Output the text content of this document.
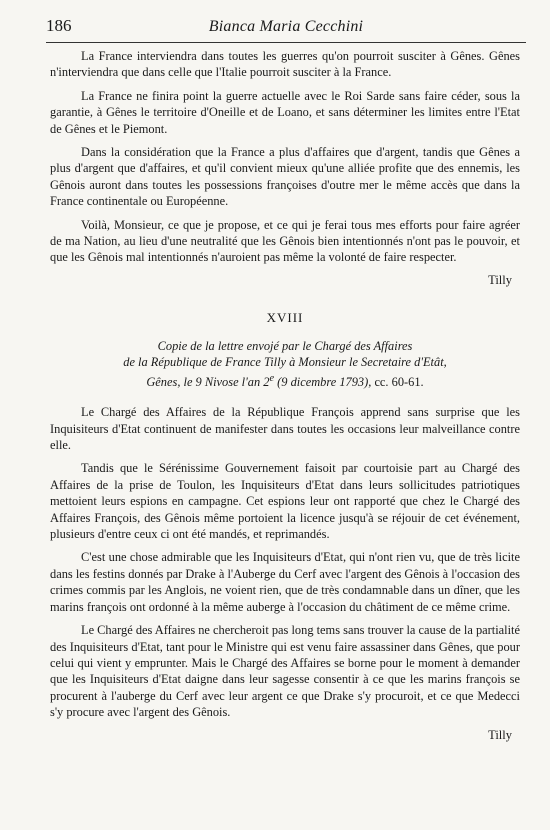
186	Bianca Maria Cecchini

La France interviendra dans toutes les guerres qu'on pourroit susciter à Gênes. Gênes n'interviendra que dans celle que l'Italie pourroit susciter à la France.

La France ne finira point la guerre actuelle avec le Roi Sarde sans faire céder, sous la garantie, à Gênes le territoire d'Oneille et de Loano, et sans déterminer les limites entre l'Etat de Gênes et le Piemont.

Dans la considération que la France a plus d'affaires que d'argent, tandis que Gênes a plus d'argent que d'affaires, et qu'il convient mieux qu'une alliée profite que des ennemis, les Gênois auront dans toutes les possessions françoises d'outre mer le même accès que dans la France continentale ou Européenne.

Voilà, Monsieur, ce que je propose, et ce qui je ferai tous mes efforts pour faire agréer de ma Nation, au lieu d'une neutralité que les Gênois bien intentionnés n'ont pas le pouvoir, et que les Gênois mal intentionnés n'auroient pas même la volonté de faire respecter.

Tilly
XVIII
Copie de la lettre envojé par le Chargé des Affaires
de la République de France Tilly à Monsieur le Secretaire d'Etât,
Gênes, le 9 Nivose l'an 2e (9 dicembre 1793), cc. 60-61.

Le Chargé des Affaires de la République François apprend sans surprise que les Inquisiteurs d'Etat continuent de manifester dans toutes les occasions leur malveillance contre elle.

Tandis que le Sérénissime Gouvernement faisoit par courtoisie part au Chargé des Affaires de la prise de Toulon, les Inquisiteurs d'Etat dans leurs sollicitudes patriotiques mettoient leurs espions en campagne. Cet espions leur ont rapporté que chez le Chargé des Affaires François, des Gênois même portoient la licence jusqu'à se réjouir de cet événement, plusieurs d'entre ceux ci ont été mandés, et reprimandés.

C'est une chose admirable que les Inquisiteurs d'Etat, qui n'ont rien vu, que de très licite dans les festins donnés par Drake à l'Auberge du Cerf avec l'argent des Gênois à l'occasion des crimes commis par les Anglois, ne voient rien, que de très condamnable dans un dîner, que les marins françois ont ordonné à la même auberge à l'occasion du châtiment de ce même crime.

Le Chargé des Affaires ne chercheroit pas long tems sans trouver la cause de la partialité des Inquisiteurs d'Etat, tant pour le Ministre qui est venu faire assassiner dans Gênes, que pour celui qui vient y emprunter. Mais le Chargé des Affaires se borne pour le moment à demander que les Inquisiteurs d'Etat daigne dans leur sagesse consentir à ce que les marins françois se procurent à l'auberge du Cerf avec leur argent ce que Drake s'y procuroit, et ce que Medecci s'y procure avec l'argent des Gênois.

Tilly
